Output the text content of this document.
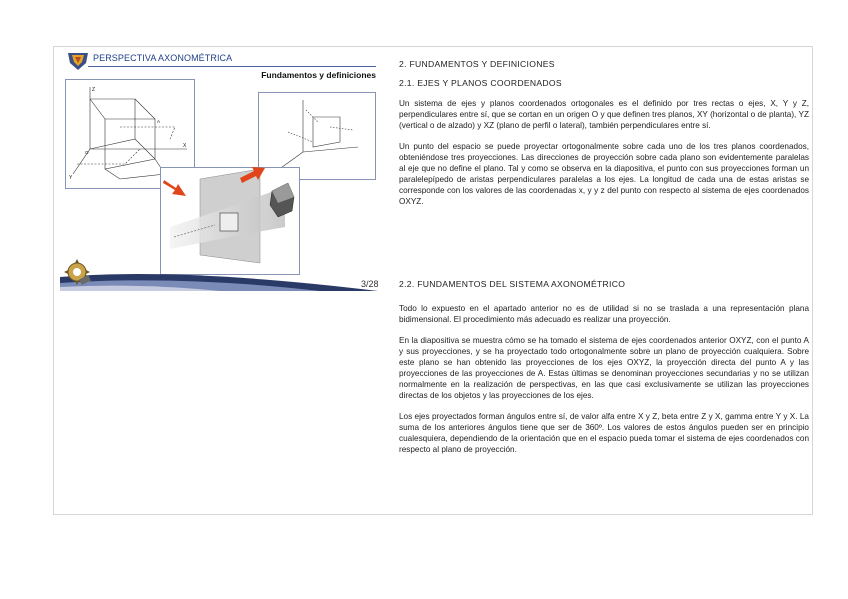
PERSPECTIVA AXONOMÉTRICA
Fundamentos y definiciones
Z
X
Y
O
A
3/28
2. FUNDAMENTOS Y DEFINICIONES
2.1. EJES Y PLANOS COORDENADOS
Un sistema de ejes y planos coordenados ortogonales es el definido por tres rectas o ejes, X, Y y Z, perpendiculares entre sí, que se cortan en un origen O y que definen tres planos, XY (horizontal o de planta), YZ (vertical o de alzado) y XZ (plano de perfil o lateral), también perpendiculares entre sí.
Un punto del espacio se puede proyectar ortogonalmente sobre cada uno de los tres planos coordenados, obteniéndose tres proyecciones. Las direcciones de proyección sobre cada plano son evidentemente paralelas al eje que no define el plano. Tal y como se observa en la diapositiva, el punto con sus proyecciones forman un paralelepípedo de aristas perpendiculares paralelas a los ejes. La longitud de cada una de estas aristas se corresponde con los valores de las coordenadas x, y y z del punto con respecto al sistema de ejes coordenados OXYZ.
2.2. FUNDAMENTOS DEL SISTEMA AXONOMÉTRICO
Todo lo expuesto en el apartado anterior no es de utilidad si no se traslada a una representación plana bidimensional. El procedimiento más adecuado es realizar una proyección.
En la diapositiva se muestra cómo se ha tomado el sistema de ejes coordenados anterior OXYZ, con el punto A y sus proyecciones, y se ha proyectado todo ortogonalmente sobre un plano de proyección cualquiera. Sobre este plano se han obtenido las proyecciones de los ejes OXYZ, la proyección directa del punto A y las proyecciones de las proyecciones de A. Estas últimas se denominan proyecciones secundarias y no se utilizan normalmente en la realización de perspectivas, en las que casi exclusivamente se utilizan las proyecciones directas de los objetos y las proyecciones de los ejes.
Los ejes proyectados forman ángulos entre sí, de valor alfa entre X y Z, beta entre Z y X, gamma entre Y y X. La suma de los anteriores ángulos tiene que ser de 360º. Los valores de estos ángulos pueden ser en principio cualesquiera, dependiendo de la orientación que en el espacio pueda tomar el sistema de ejes coordenados con respecto al plano de proyección.
